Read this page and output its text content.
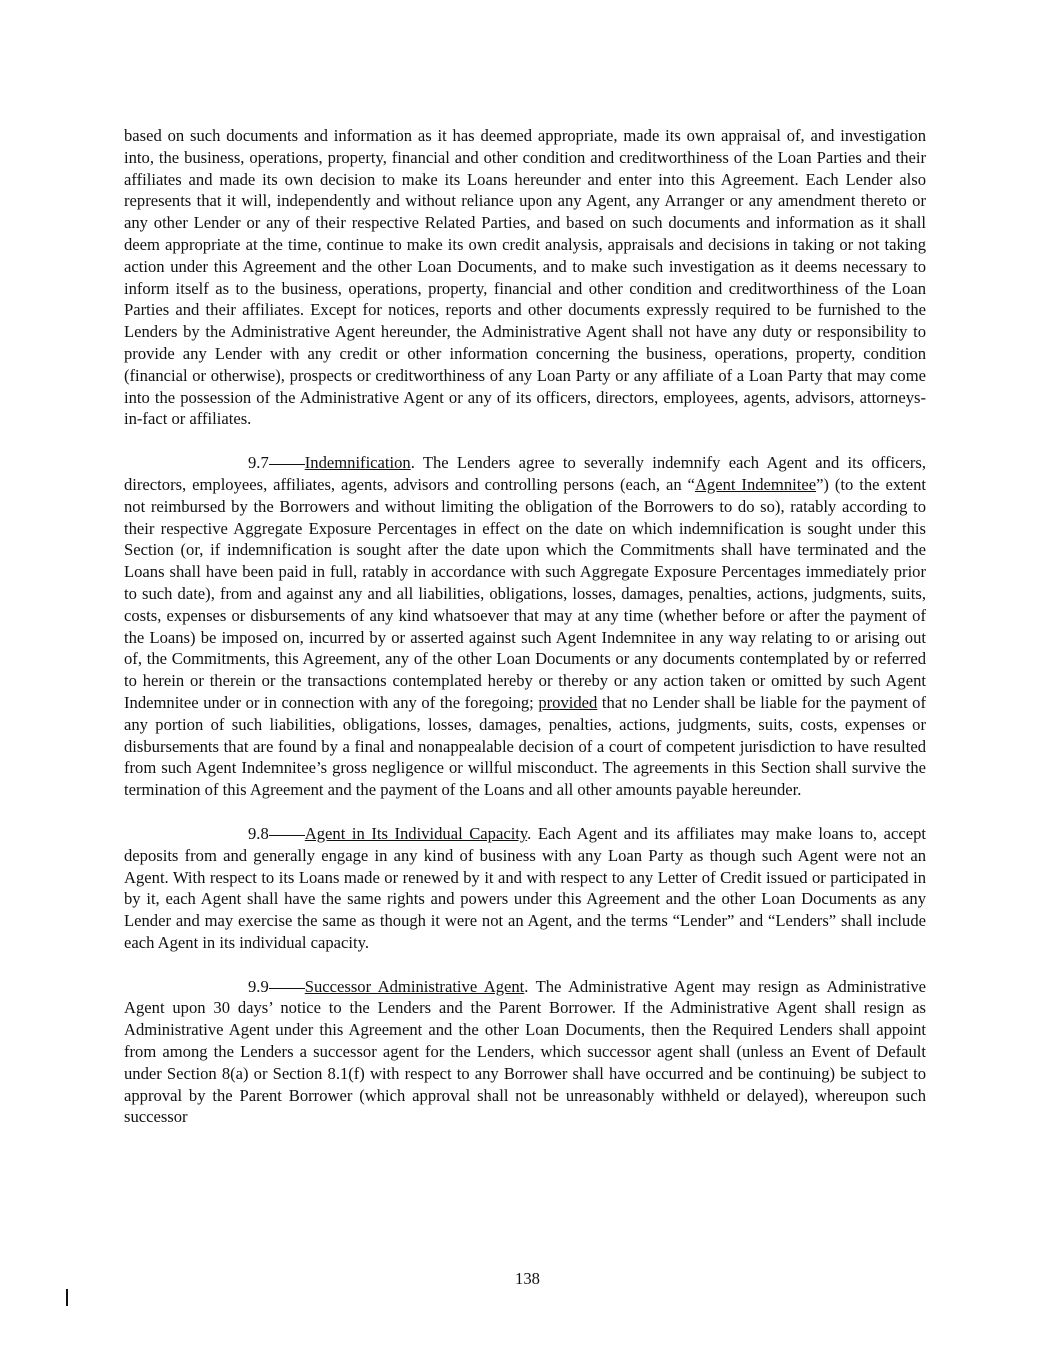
based on such documents and information as it has deemed appropriate, made its own appraisal of, and investigation into, the business, operations, property, financial and other condition and creditworthiness of the Loan Parties and their affiliates and made its own decision to make its Loans hereunder and enter into this Agreement. Each Lender also represents that it will, independently and without reliance upon any Agent, any Arranger or any amendment thereto or any other Lender or any of their respective Related Parties, and based on such documents and information as it shall deem appropriate at the time, continue to make its own credit analysis, appraisals and decisions in taking or not taking action under this Agreement and the other Loan Documents, and to make such investigation as it deems necessary to inform itself as to the business, operations, property, financial and other condition and creditworthiness of the Loan Parties and their affiliates. Except for notices, reports and other documents expressly required to be furnished to the Lenders by the Administrative Agent hereunder, the Administrative Agent shall not have any duty or responsibility to provide any Lender with any credit or other information concerning the business, operations, property, condition (financial or otherwise), prospects or creditworthiness of any Loan Party or any affiliate of a Loan Party that may come into the possession of the Administrative Agent or any of its officers, directors, employees, agents, advisors, attorneys-in-fact or affiliates.

9.7 Indemnification. The Lenders agree to severally indemnify each Agent and its officers, directors, employees, affiliates, agents, advisors and controlling persons (each, an “Agent Indemnitee”) (to the extent not reimbursed by the Borrowers and without limiting the obligation of the Borrowers to do so), ratably according to their respective Aggregate Exposure Percentages in effect on the date on which indemnification is sought under this Section (or, if indemnification is sought after the date upon which the Commitments shall have terminated and the Loans shall have been paid in full, ratably in accordance with such Aggregate Exposure Percentages immediately prior to such date), from and against any and all liabilities, obligations, losses, damages, penalties, actions, judgments, suits, costs, expenses or disbursements of any kind whatsoever that may at any time (whether before or after the payment of the Loans) be imposed on, incurred by or asserted against such Agent Indemnitee in any way relating to or arising out of, the Commitments, this Agreement, any of the other Loan Documents or any documents contemplated by or referred to herein or therein or the transactions contemplated hereby or thereby or any action taken or omitted by such Agent Indemnitee under or in connection with any of the foregoing; provided that no Lender shall be liable for the payment of any portion of such liabilities, obligations, losses, damages, penalties, actions, judgments, suits, costs, expenses or disbursements that are found by a final and nonappealable decision of a court of competent jurisdiction to have resulted from such Agent Indemnitee’s gross negligence or willful misconduct. The agreements in this Section shall survive the termination of this Agreement and the payment of the Loans and all other amounts payable hereunder.

9.8 Agent in Its Individual Capacity. Each Agent and its affiliates may make loans to, accept deposits from and generally engage in any kind of business with any Loan Party as though such Agent were not an Agent. With respect to its Loans made or renewed by it and with respect to any Letter of Credit issued or participated in by it, each Agent shall have the same rights and powers under this Agreement and the other Loan Documents as any Lender and may exercise the same as though it were not an Agent, and the terms “Lender” and “Lenders” shall include each Agent in its individual capacity.

9.9 Successor Administrative Agent. The Administrative Agent may resign as Administrative Agent upon 30 days’ notice to the Lenders and the Parent Borrower. If the Administrative Agent shall resign as Administrative Agent under this Agreement and the other Loan Documents, then the Required Lenders shall appoint from among the Lenders a successor agent for the Lenders, which successor agent shall (unless an Event of Default under Section 8(a) or Section 8.1(f) with respect to any Borrower shall have occurred and be continuing) be subject to approval by the Parent Borrower (which approval shall not be unreasonably withheld or delayed), whereupon such successor

138
